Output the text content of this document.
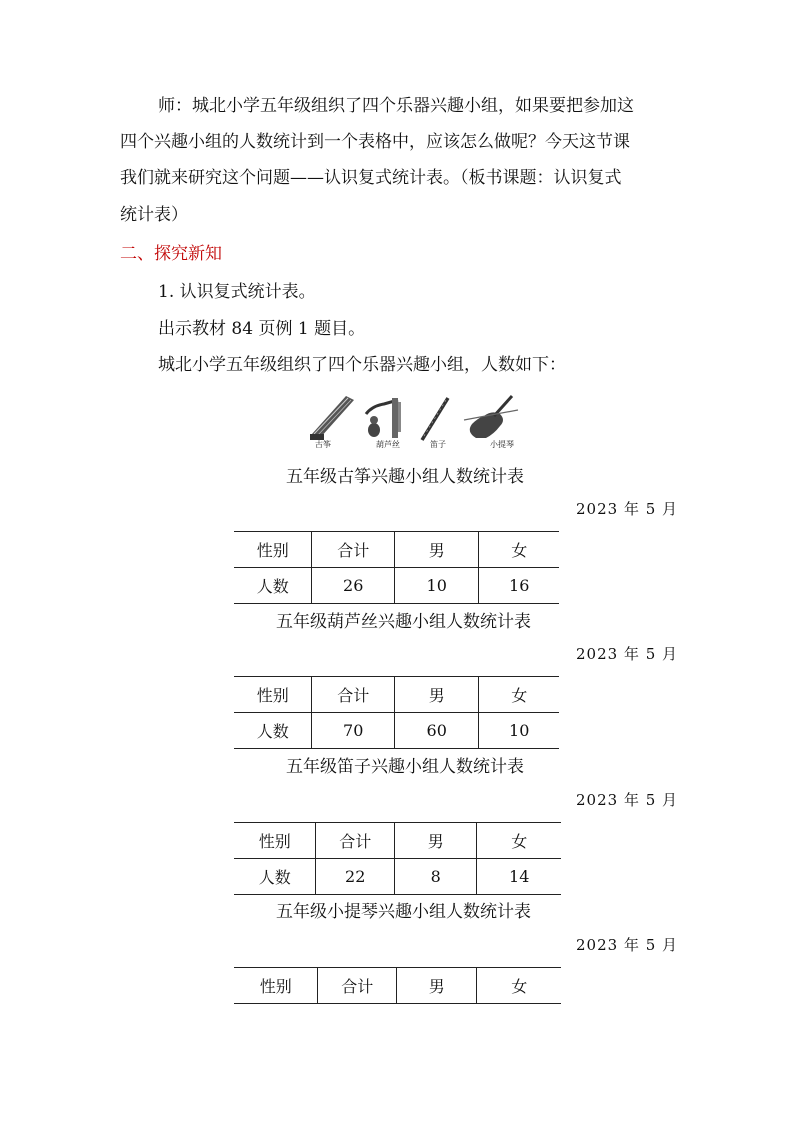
师：城北小学五年级组织了四个乐器兴趣小组，如果要把参加这
四个兴趣小组的人数统计到一个表格中，应该怎么做呢？今天这节课
我们就来研究这个问题——认识复式统计表。（板书课题：认识复式
统计表）
二、探究新知
1. 认识复式统计表。
出示教材 84 页例 1 题目。
城北小学五年级组织了四个乐器兴趣小组，人数如下：
古筝	葫芦丝	笛子	小提琴
五年级古筝兴趣小组人数统计表
2023 年 5 月
性别	合计	男	女
人数	26	10	16
五年级葫芦丝兴趣小组人数统计表
2023 年 5 月
性别	合计	男	女
人数	70	60	10
五年级笛子兴趣小组人数统计表
2023 年 5 月
性别	合计	男	女
人数	22	8	14
五年级小提琴兴趣小组人数统计表
2023 年 5 月
性别	合计	男	女
